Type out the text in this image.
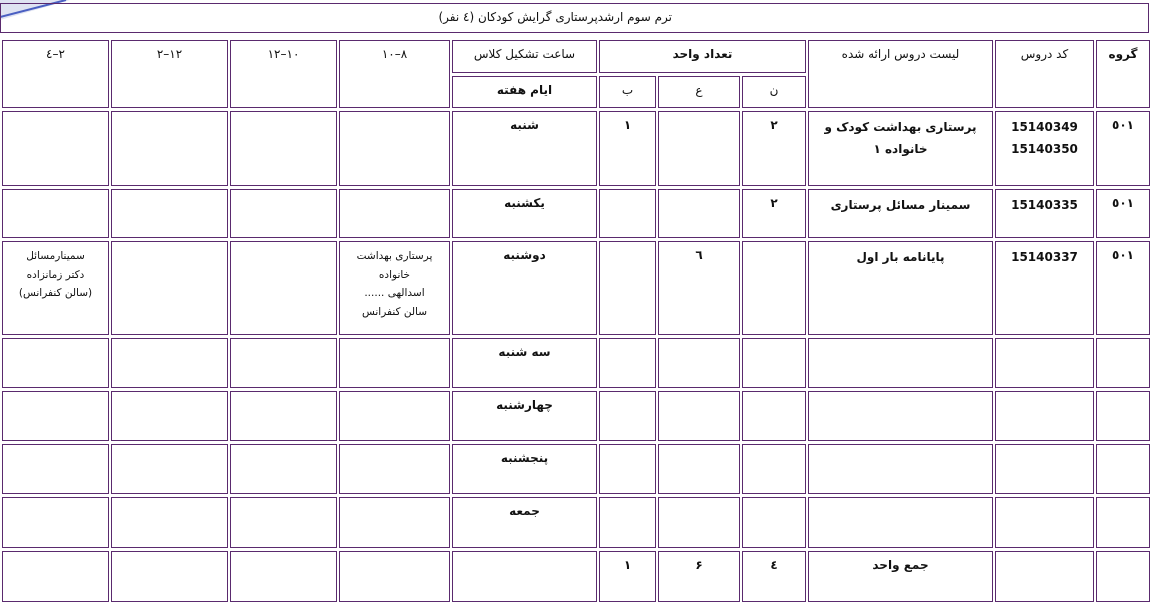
ترم سوم ارشدپرستاری گرایش کودکان (٤ نفر)
گروه
کد دروس
لیست دروس ارائه شده
تعداد واحد
ن
ع
ب
ساعت تشکیل کلاس
ایام هفته
٨–١٠
١٠–١٢
١٢–٢
٢–٤
٥٠١
15140349
15140350
پرستاری بهداشت کودک و
خانواده ١
٢
١
شنبه
٥٠١
15140335
سمینار مسائل پرستاری
٢
یکشنبه
٥٠١
15140337
پایانامه بار اول
٦
دوشنبه
پرستاری بهداشت
خانواده
اسدالهی ......
سالن کنفرانس
سمینارمسائل
دکتر زمانزاده
(سالن کنفرانس)
سه شنبه
چهارشنبه
پنجشنبه
جمعه
جمع واحد
٤
۶
١
